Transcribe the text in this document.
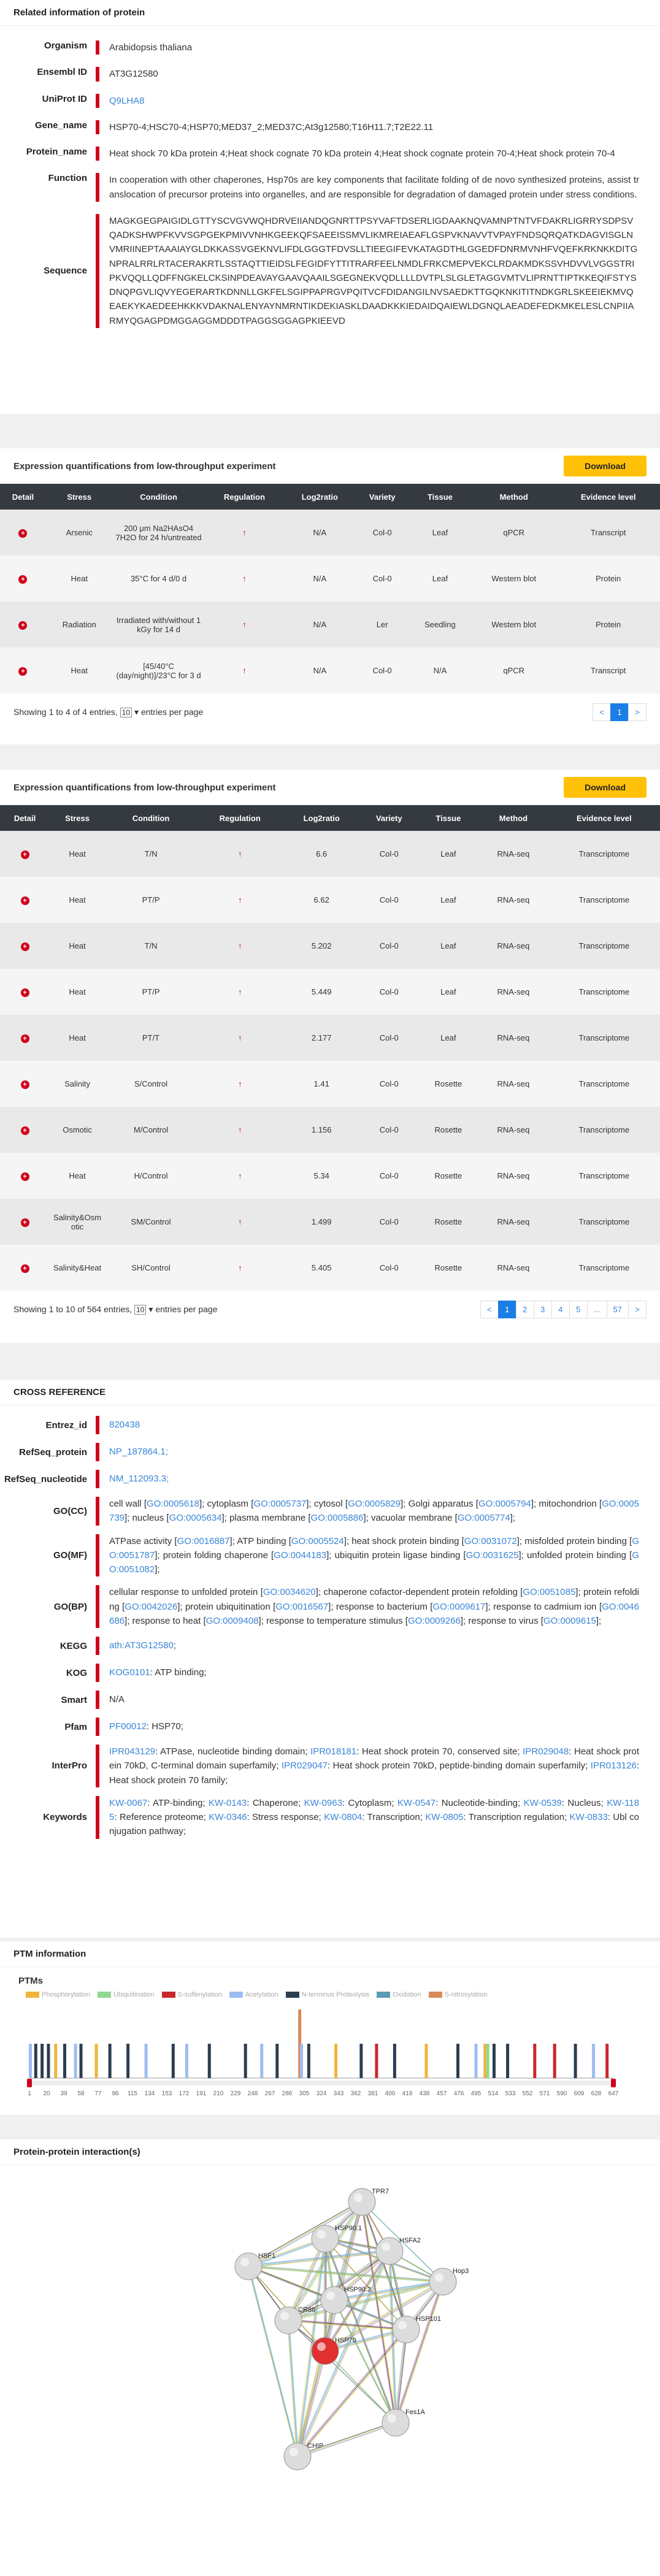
Related information of protein
Organism	Arabidopsis thaliana
Ensembl ID	AT3G12580
UniProt ID	Q9LHA8
Gene_name	HSP70-4;HSC70-4;HSP70;MED37_2;MED37C;At3g12580;T16H11.7;T2E22.11
Protein_name	Heat shock 70 kDa protein 4;Heat shock cognate 70 kDa protein 4;Heat shock cognate protein 70-4;Heat shock protein 70-4
Function	In cooperation with other chaperones, Hsp70s are key components that facilitate folding of de novo synthesized proteins, assist translocation of precursor proteins into organelles, and are responsible for degradation of damaged protein under stress conditions.
Sequence
MAGKGEGPAIGIDLGTTYSCVGVWQHDRVEIIANDQGNRTTPSYVAFTDSERLIGDAAKNQVAMNPTNTVFDAKRLIGRRYSDPSVQADKSHWPFKVVSGPGEKPMIVVNHKGEEKQFSAEEISSMVLIKMREIAEAFLGSPVKNAVVTVPAYFNDSQRQATKDAGVISGLNVMRIINEPTAAAIAYGLDKKASSVGEKNVLIFDLGGGTFDVSLLTIEEGIFEVKATAGDTHLGGEDFDNRMVNHFVQEFKRKNKKDITGNPRALRRLRTACERAKRTLSSTAQTTIEIDSLFEGIDFYTTITRARFEELNMDLFRKCMEPVEKCLRDAKMDKSSVHDVVLVGGSTRIPKVQQLLQDFFNGKELCKSINPDEAVAYGAAVQAAILSGEGNEKVQDLLLLDVTPLSLGLETAGGVMTVLIPRNTTIPTKKEQIFSTYSDNQPGVLIQVYEGERARTKDNNLLGKFELSGIPPAPRGVPQITVCFDIDANGILNVSAEDKTTGQKNKITITNDKGRLSKEEIEKMVQEAEKYKAEDEEHKKKVDAKNALENYAYNMRNTIKDEKIASKLDAADKKKIEDAIDQAIEWLDGNQLAEADEFEDKMKELESLCNPIIARMYQGAGPDMGGAGGMDDDTPAGGSGGAGPKIEEVD
Expression quantifications from low-throughput experiment	Download
Detail	Stress	Condition	Regulation	Log2ratio	Variety	Tissue	Method	Evidence level
+	Arsenic	200 μm Na2HAsO4 7H2O for 24 h/untreated	↑	N/A	Col-0	Leaf	qPCR	Transcript
+	Heat	35°C for 4 d/0 d	↑	N/A	Col-0	Leaf	Western blot	Protein
+	Radiation	Irradiated with/without 1 kGy for 14 d	↑	N/A	Ler	Seedling	Western blot	Protein
+	Heat	[45/40°C (day/night)]/23°C for 3 d	↑	N/A	Col-0	N/A	qPCR	Transcript
Showing 1 to 4 of 4 entries, 10 ▾ entries per page	<	1	>
Expression quantifications from low-throughput experiment	Download
Detail	Stress	Condition	Regulation	Log2ratio	Variety	Tissue	Method	Evidence level
+	Heat	T/N	↑	6.6	Col-0	Leaf	RNA-seq	Transcriptome
+	Heat	PT/P	↑	6.62	Col-0	Leaf	RNA-seq	Transcriptome
+	Heat	T/N	↑	5.202	Col-0	Leaf	RNA-seq	Transcriptome
+	Heat	PT/P	↑	5.449	Col-0	Leaf	RNA-seq	Transcriptome
+	Heat	PT/T	↑	2.177	Col-0	Leaf	RNA-seq	Transcriptome
+	Salinity	S/Control	↑	1.41	Col-0	Rosette	RNA-seq	Transcriptome
+	Osmotic	M/Control	↑	1.156	Col-0	Rosette	RNA-seq	Transcriptome
+	Heat	H/Control	↑	5.34	Col-0	Rosette	RNA-seq	Transcriptome
+	Salinity&Osmotic	SM/Control	↑	1.499	Col-0	Rosette	RNA-seq	Transcriptome
+	Salinity&Heat	SH/Control	↑	5.405	Col-0	Rosette	RNA-seq	Transcriptome
Showing 1 to 10 of 564 entries, 10 ▾ entries per page	<	1	2	3	4	5	...	57	>
CROSS REFERENCE
Entrez_id	820438
RefSeq_protein	NP_187864.1;
RefSeq_nucleotide	NM_112093.3;
GO(CC)
cell wall [GO:0005618]; cytoplasm [GO:0005737]; cytosol [GO:0005829]; Golgi apparatus [GO:0005794]; mitochondrion [GO:0005739]; nucleus [GO:0005634]; plasma membrane [GO:0005886]; vacuolar membrane [GO:0005774];
GO(MF)
ATPase activity [GO:0016887]; ATP binding [GO:0005524]; heat shock protein binding [GO:0031072]; misfolded protein binding [GO:0051787]; protein folding chaperone [GO:0044183]; ubiquitin protein ligase binding [GO:0031625]; unfolded protein binding [GO:0051082];
GO(BP)
cellular response to unfolded protein [GO:0034620]; chaperone cofactor-dependent protein refolding [GO:0051085]; protein refolding [GO:0042026]; protein ubiquitination [GO:0016567]; response to bacterium [GO:0009617]; response to cadmium ion [GO:0046686]; response to heat [GO:0009408]; response to temperature stimulus [GO:0009266]; response to virus [GO:0009615];
KEGG	ath:AT3G12580;
KOG	KOG0101: ATP binding;
Smart	N/A
Pfam	PF00012: HSP70;
InterPro
IPR043129: ATPase, nucleotide binding domain; IPR018181: Heat shock protein 70, conserved site; IPR029048: Heat shock protein 70kD, C-terminal domain superfamily; IPR029047: Heat shock protein 70kD, peptide-binding domain superfamily; IPR013126: Heat shock protein 70 family;
Keywords
KW-0067: ATP-binding; KW-0143: Chaperone; KW-0963: Cytoplasm; KW-0547: Nucleotide-binding; KW-0539: Nucleus; KW-1185: Reference proteome; KW-0346: Stress response; KW-0804: Transcription; KW-0805: Transcription regulation; KW-0833: Ubl conjugation pathway;
PTM information
PTMs
Phosphorylation	Ubiquitination	S-sulfenylation	Acetylation	N-terminus Proteolysis	Oxidation	S-nitrosylation
1 20 39 58 77 96 115 134 153 172 191 210 229 248 267 286 305 324 343 362 381 400 419 438 457 476 495 514 533 552 571 590 609 628 647
Protein-protein interaction(s)
TPR7
HSP90.1
HSFA2
HSF1
Hop3
HSP90.2
CR88
HSP70
HSP101
Fes1A
CHIP
